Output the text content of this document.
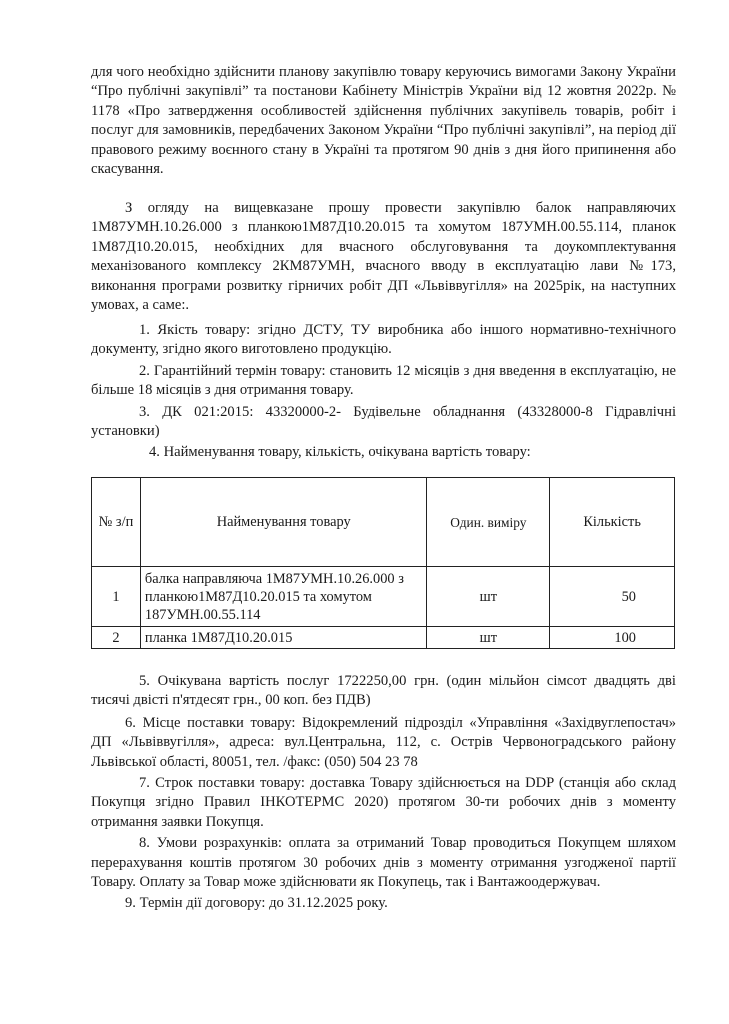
для чого необхідно здійснити планову закупівлю товару керуючись вимогами Закону України “Про публічні закупівлі” та постанови Кабінету Міністрів України від 12 жовтня 2022р. № 1178 «Про затвердження особливостей здійснення публічних закупівель товарів, робіт і послуг для замовників, передбачених Законом України “Про публічні закупівлі”, на період дії правового режиму воєнного стану в Україні та протягом 90 днів з дня його припинення або скасування.

З огляду на вищевказане прошу провести закупівлю балок направляючих 1М87УМН.10.26.000 з планкою1М87Д10.20.015 та хомутом 187УМН.00.55.114, планок 1М87Д10.20.015, необхідних для вчасного обслуговування та доукомплектування механізованого комплексу 2КМ87УМН, вчасного вводу в експлуатацію лави №173, виконання програми розвитку гірничих робіт ДП «Львіввугілля» на 2025рік, на наступних умовах, а саме:.

1. Якість товару: згідно ДСТУ, ТУ виробника або іншого нормативно-технічного документу, згідно якого виготовлено продукцію.

2. Гарантійний термін товару: становить 12 місяців з дня введення в експлуатацію, не більше 18 місяців з дня отримання товару.

3. ДК 021:2015: 43320000-2- Будівельне обладнання (43328000-8 Гідравлічні установки)

4. Найменування товару, кількість, очікувана вартість товару:

№ з/п	Найменування товару	Один. виміру	Кількість
1	балка направляюча 1М87УМН.10.26.000 з планкою1М87Д10.20.015 та хомутом 187УМН.00.55.114	шт	50
2	планка 1М87Д10.20.015	шт	100

5. Очікувана вартість послуг 1722250,00 грн. (один мільйон сімсот двадцять дві тисячі двісті п'ятдесят грн., 00 коп. без ПДВ)

6. Місце поставки товару: Відокремлений підрозділ «Управління «Західвуглепостач» ДП «Львіввугілля», адреса: вул.Центральна, 112, с. Острів Червоноградського району Львівської області, 80051, тел. /факс: (050) 504 23 78

7. Строк поставки товару: доставка Товару здійснюється на DDP (станція або склад Покупця згідно Правил ІНКОТЕРМС 2020) протягом 30-ти робочих днів з моменту отримання заявки Покупця.

8. Умови розрахунків: оплата за отриманий Товар проводиться Покупцем шляхом перерахування коштів протягом 30 робочих днів з моменту отримання узгодженої партії Товару. Оплату за Товар може здійснювати як Покупець, так і Вантажоодержувач.

9. Термін дії договору: до 31.12.2025 року.
